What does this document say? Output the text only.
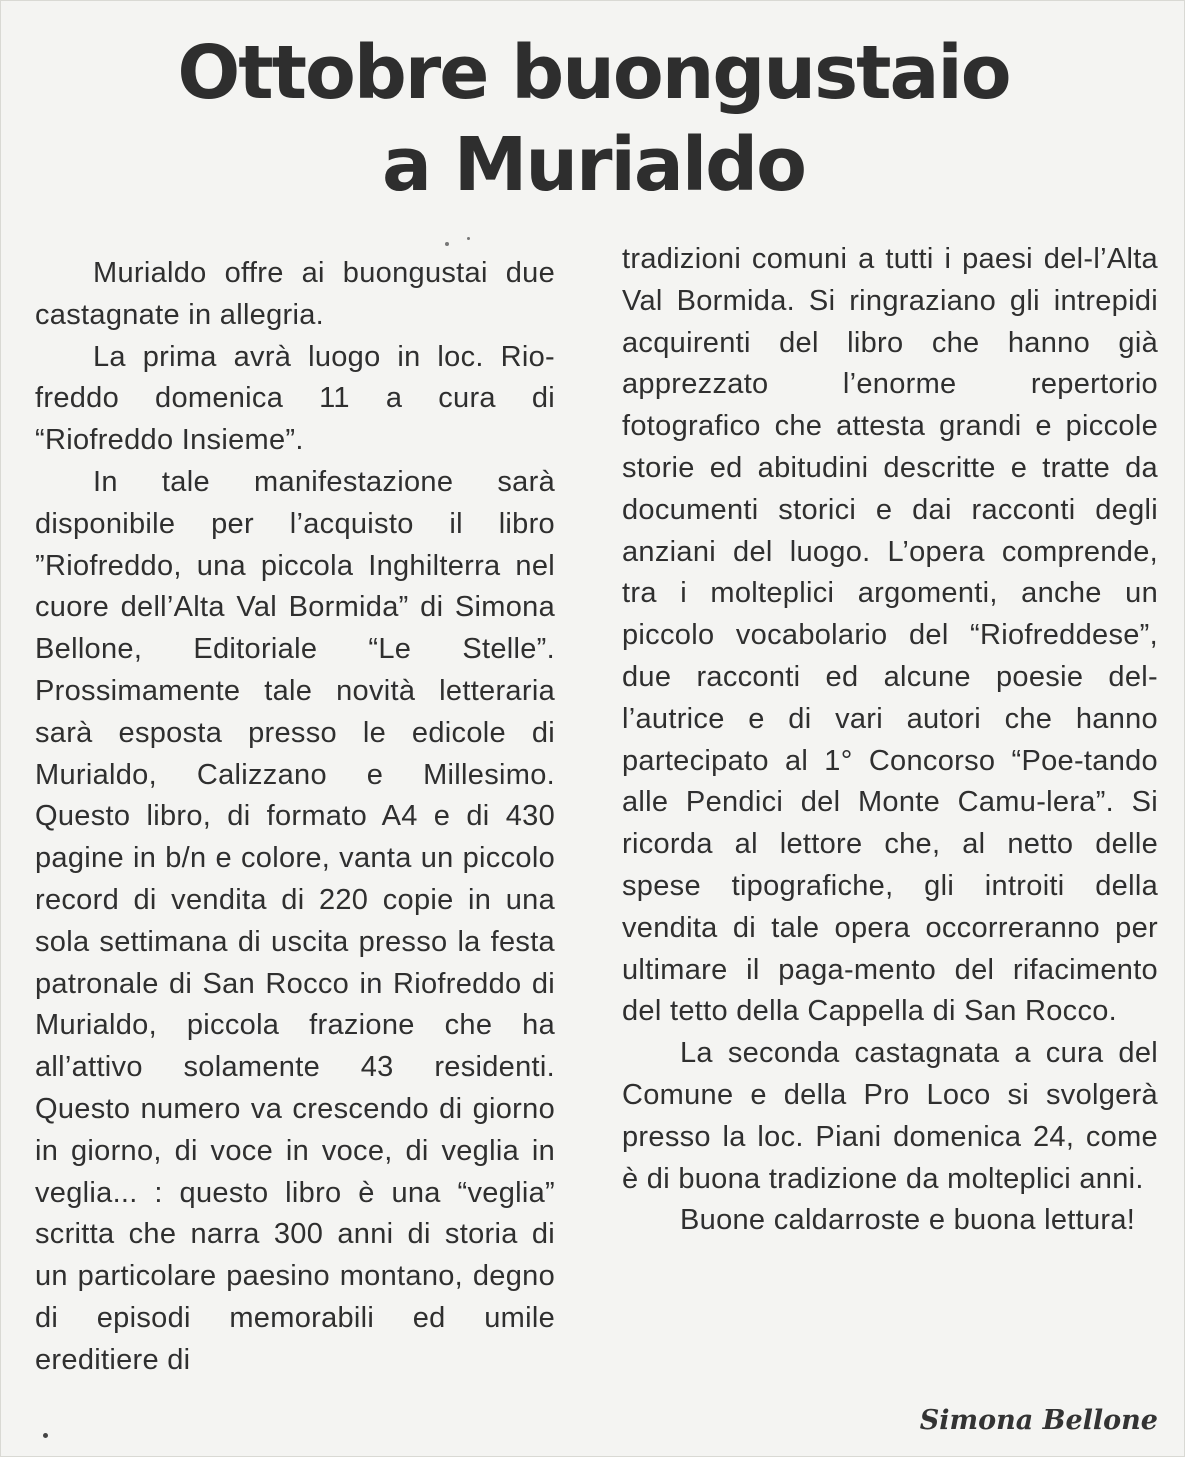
Ottobre buongustaio
a Murialdo

Murialdo offre ai buongustai due castagnate in allegria.

La prima avrà luogo in loc. Rio-freddo domenica 11 a cura di “Riofreddo Insieme”.

In tale manifestazione sarà disponibile per l’acquisto il libro ”Riofreddo, una piccola Inghilterra nel cuore dell’Alta Val Bormida” di Simona Bellone, Editoriale “Le Stelle”. Prossimamente tale novità letteraria sarà esposta presso le edicole di Murialdo, Calizzano e Millesimo. Questo libro, di formato A4 e di 430 pagine in b/n e colore, vanta un piccolo record di vendita di 220 copie in una sola settimana di uscita presso la festa patronale di San Rocco in Riofreddo di Murialdo, piccola frazione che ha all’attivo solamente 43 residenti. Questo numero va crescendo di giorno in giorno, di voce in voce, di veglia in veglia... : questo libro è una “veglia” scritta che narra 300 anni di storia di un particolare paesino montano, degno di episodi memorabili ed umile ereditiere di

tradizioni comuni a tutti i paesi del-l’Alta Val Bormida. Si ringraziano gli intrepidi acquirenti del libro che hanno già apprezzato l’enorme repertorio fotografico che attesta grandi e piccole storie ed abitudini descritte e tratte da documenti storici e dai racconti degli anziani del luogo. L’opera comprende, tra i molteplici argomenti, anche un piccolo vocabolario del “Riofreddese”, due racconti ed alcune poesie del-l’autrice e di vari autori che hanno partecipato al 1° Concorso “Poe-tando alle Pendici del Monte Camu-lera”. Si ricorda al lettore che, al netto delle spese tipografiche, gli introiti della vendita di tale opera occorreranno per ultimare il paga-mento del rifacimento del tetto della Cappella di San Rocco.

La seconda castagnata a cura del Comune e della Pro Loco si svolgerà presso la loc. Piani domenica 24, come è di buona tradizione da molteplici anni.

Buone caldarroste e buona lettura!

Simona Bellone
